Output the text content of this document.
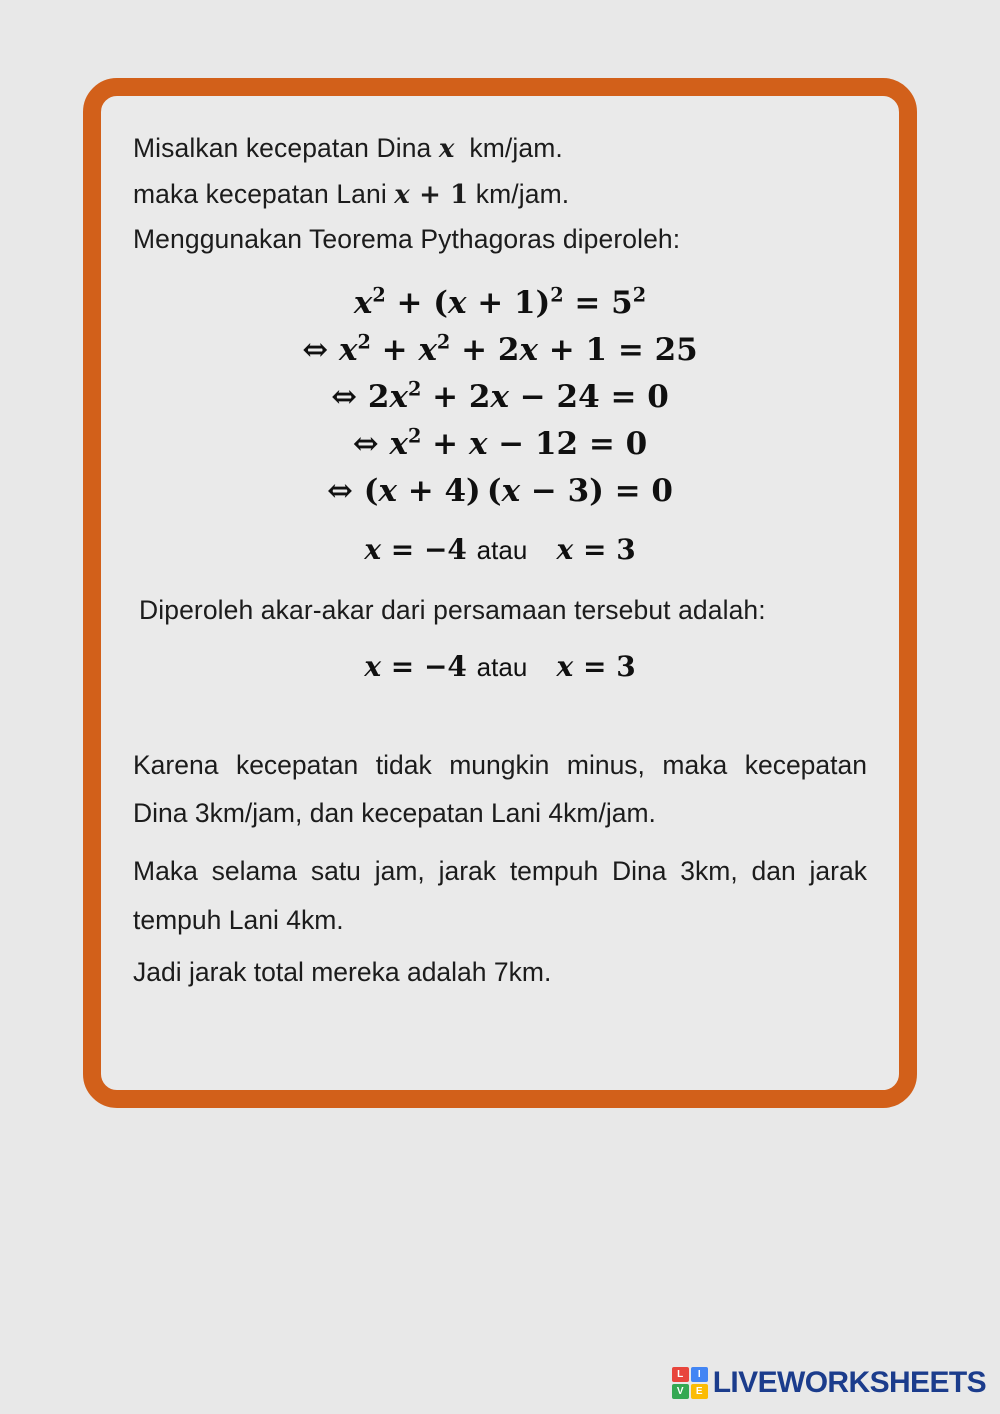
Misalkan kecepatan Dina x km/jam.
maka kecepatan Lani x + 1 km/jam.
Menggunakan Teorema Pythagoras diperoleh:
$x^2 + (x + 1)^2 = 5^2$
⇔ $x^2 + x^2 + 2x + 1 = 25$
⇔ $2x^2 + 2x - 24 = 0$
⇔ $x^2 + x - 12 = 0$
⇔ (x + 4) (x − 3) = 0
x = −4 atau x = 3
Diperoleh akar-akar dari persamaan tersebut adalah:
x = −4 atau x = 3
Karena kecepatan tidak mungkin minus, maka kecepatan Dina 3km/jam, dan kecepatan Lani 4km/jam.
Maka selama satu jam, jarak tempuh Dina 3km, dan jarak tempuh Lani 4km.
Jadi jarak total mereka adalah 7km.
L	I
V	E LIVEWORKSHEETS
